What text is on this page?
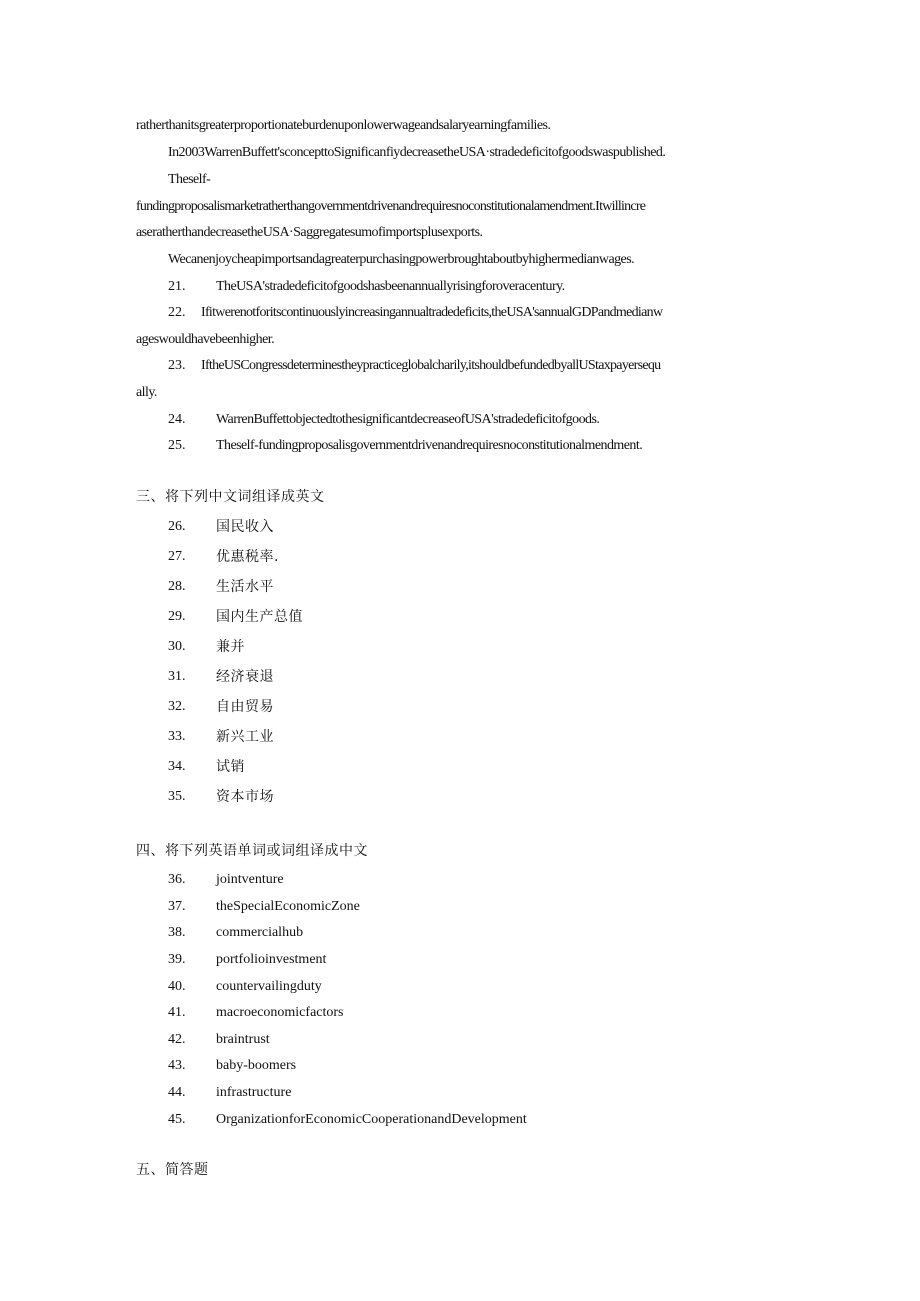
ratherthanitsgreaterproportionateburdenuponlowerwageandsalaryearningfamilies.
In2003WarrenBuffett'sconcepttoSignificanfiydecreasetheUSA·stradedeficitofgoodswaspublished.
Theself-
fundingproposalismarketratherthangovernmentdrivenandrequiresnoconstitutionalamendment.Itwillincre
aseratherthandecreasetheUSA·Saggregatesumofimportsplusexports.
Wecanenjoycheapimportsandagreaterpurchasingpowerbroughtaboutbyhighermedianwages.
21. TheUSA'stradedeficitofgoodshasbeenannuallyrisingforoveracentury.
22. Ifitwerenotforitscontinuouslyincreasingannualtradedeficits,theUSA'sannualGDPandmedianw
ageswouldhavebeenhigher.
23. IftheUSCongressdeterminestheypracticeglobalcharily,itshouldbefundedbyallUStaxpayersequ
ally.
24. WarrenBuffettobjectedtothesignificantdecreaseofUSA'stradedeficitofgoods.
25. Theself-fundingproposalisgovernmentdrivenandrequiresnoconstitutionalmendment.
三、将下列中文词组译成英文
26. 国民收入
27. 优惠税率.
28. 生活水平
29. 国内生产总值
30. 兼并
31. 经济衰退
32. 自由贸易
33. 新兴工业
34. 试销
35. 资本市场
四、将下列英语单词或词组译成中文
36. jointventure
37. theSpecialEconomicZone
38. commercialhub
39. portfolioinvestment
40. countervailingduty
41. macroeconomicfactors
42. braintrust
43. baby-boomers
44. infrastructure
45. OrganizationforEconomicCooperationandDevelopment
五、简答题
